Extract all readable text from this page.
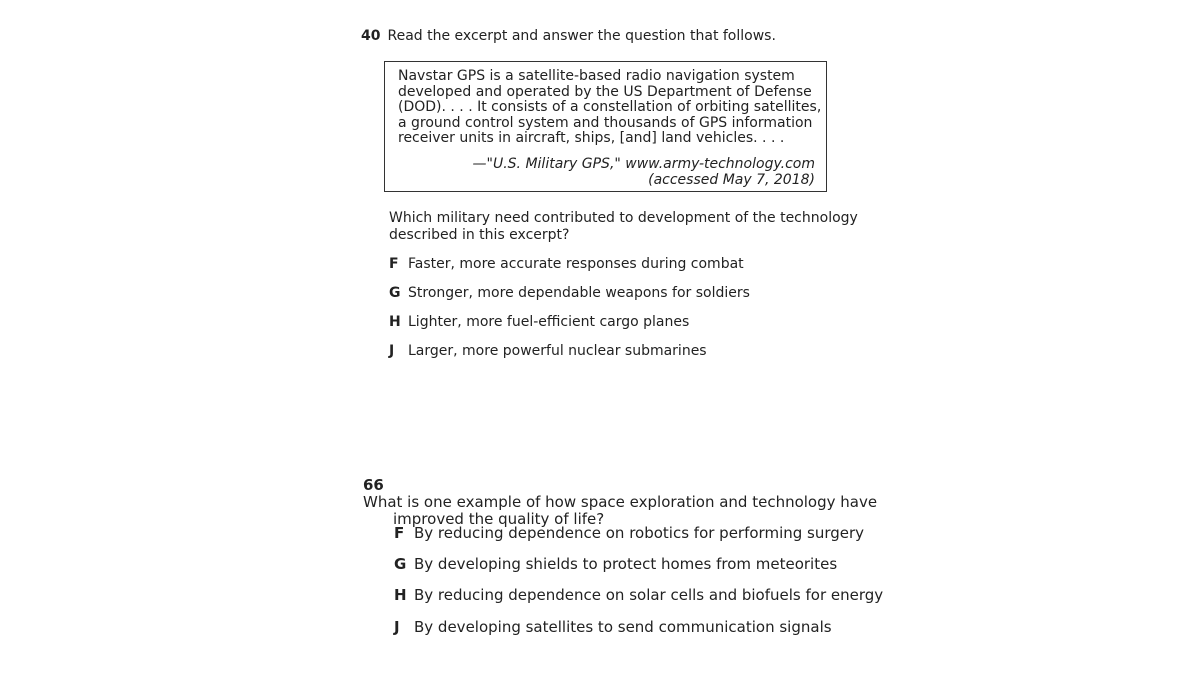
40 Read the excerpt and answer the question that follows.
Navstar GPS is a satellite-based radio navigation system
developed and operated by the US Department of Defense
(DOD). . . . It consists of a constellation of orbiting satellites,
a ground control system and thousands of GPS information
receiver units in aircraft, ships, [and] land vehicles. . . .
—"U.S. Military GPS," www.army-technology.com
(accessed May 7, 2018)
Which military need contributed to development of the technology
described in this excerpt?
F Faster, more accurate responses during combat
G Stronger, more dependable weapons for soldiers
H Lighter, more fuel-efficient cargo planes
J Larger, more powerful nuclear submarines
66
What is one example of how space exploration and technology have
improved the quality of life?
F By reducing dependence on robotics for performing surgery
G By developing shields to protect homes from meteorites
H By reducing dependence on solar cells and biofuels for energy
J By developing satellites to send communication signals
